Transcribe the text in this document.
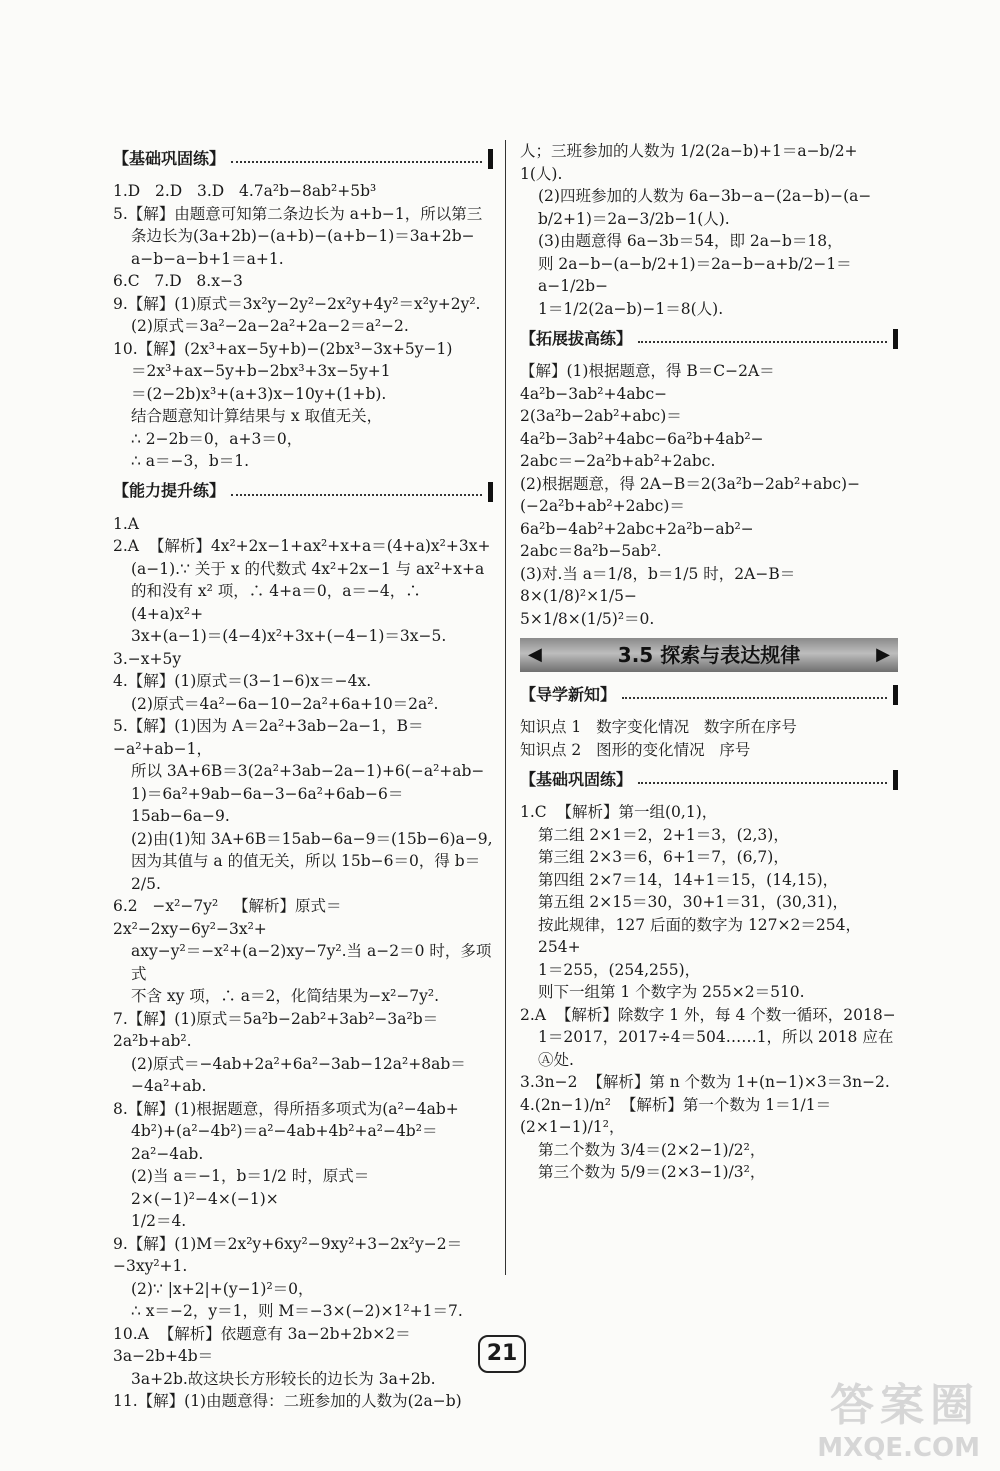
【基础巩固练】
1.D   2.D   3.D   4.7a²b−8ab²+5b³
5.【解】由题意可知第二条边长为 a+b−1，所以第三
条边长为(3a+2b)−(a+b)−(a+b−1)＝3a+2b−
a−b−a−b+1＝a+1.
6.C   7.D   8.x−3
9.【解】(1)原式＝3x²y−2y²−2x²y+4y²＝x²y+2y².
(2)原式＝3a²−2a−2a²+2a−2＝a²−2.
10.【解】(2x³+ax−5y+b)−(2bx³−3x+5y−1)
＝2x³+ax−5y+b−2bx³+3x−5y+1
＝(2−2b)x³+(a+3)x−10y+(1+b).
结合题意知计算结果与 x 取值无关，
∴ 2−2b＝0，a+3＝0，
∴ a＝−3，b＝1.
【能力提升练】
1.A
2.A  【解析】4x²+2x−1+ax²+x+a＝(4+a)x²+3x+
(a−1).∵ 关于 x 的代数式 4x²+2x−1 与 ax²+x+a
的和没有 x² 项，∴ 4+a＝0，a＝−4，∴ (4+a)x²+
3x+(a−1)＝(4−4)x²+3x+(−4−1)＝3x−5.
3.−x+5y
4.【解】(1)原式＝(3−1−6)x＝−4x.
(2)原式＝4a²−6a−10−2a²+6a+10＝2a².
5.【解】(1)因为 A＝2a²+3ab−2a−1，B＝−a²+ab−1，
所以 3A+6B＝3(2a²+3ab−2a−1)+6(−a²+ab−
1)＝6a²+9ab−6a−3−6a²+6ab−6＝15ab−6a−9.
(2)由(1)知 3A+6B＝15ab−6a−9＝(15b−6)a−9,
因为其值与 a 的值无关，所以 15b−6＝0，得 b＝2/5.
6.2   −x²−7y²   【解析】原式＝2x²−2xy−6y²−3x²+
axy−y²＝−x²+(a−2)xy−7y².当 a−2＝0 时，多项式
不含 xy 项，∴ a＝2，化简结果为−x²−7y².
7.【解】(1)原式＝5a²b−2ab²+3ab²−3a²b＝2a²b+ab².
(2)原式＝−4ab+2a²+6a²−3ab−12a²+8ab＝−4a²+ab.
8.【解】(1)根据题意，得所捂多项式为(a²−4ab+
4b²)+(a²−4b²)＝a²−4ab+4b²+a²−4b²＝2a²−4ab.
(2)当 a＝−1，b＝1/2 时，原式＝2×(−1)²−4×(−1)×
1/2＝4.
9.【解】(1)M＝2x²y+6xy²−9xy²+3−2x²y−2＝−3xy²+1.
(2)∵ |x+2|+(y−1)²＝0，
∴ x＝−2，y＝1，则 M＝−3×(−2)×1²+1＝7.
10.A  【解析】依题意有 3a−2b+2b×2＝3a−2b+4b＝
3a+2b.故这块长方形较长的边长为 3a+2b.
11.【解】(1)由题意得：二班参加的人数为(2a−b)
人；三班参加的人数为 1/2(2a−b)+1＝a−b/2+
1(人).
(2)四班参加的人数为 6a−3b−a−(2a−b)−(a−
b/2+1)＝2a−3/2b−1(人).
(3)由题意得 6a−3b＝54，即 2a−b＝18，
则 2a−b−(a−b/2+1)＝2a−b−a+b/2−1＝a−1/2b−
1＝1/2(2a−b)−1＝8(人).
【拓展拔高练】
【解】(1)根据题意，得 B＝C−2A＝4a²b−3ab²+4abc−
2(3a²b−2ab²+abc)＝4a²b−3ab²+4abc−6a²b+4ab²−
2abc＝−2a²b+ab²+2abc.
(2)根据题意，得 2A−B＝2(3a²b−2ab²+abc)−
(−2a²b+ab²+2abc)＝6a²b−4ab²+2abc+2a²b−ab²−
2abc＝8a²b−5ab².
(3)对.当 a＝1/8，b＝1/5 时，2A−B＝8×(1/8)²×1/5−
5×1/8×(1/5)²＝0.
◀	3.5 探索与表达规律	▶
【导学新知】
知识点 1   数字变化情况   数字所在序号
知识点 2   图形的变化情况   序号
【基础巩固练】
1.C  【解析】第一组(0,1)，
第二组 2×1＝2，2+1＝3，(2,3)，
第三组 2×3＝6，6+1＝7，(6,7)，
第四组 2×7＝14，14+1＝15，(14,15)，
第五组 2×15＝30，30+1＝31，(30,31)，
按此规律，127 后面的数字为 127×2＝254，254+
1＝255，(254,255)，
则下一组第 1 个数字为 255×2＝510.
2.A  【解析】除数字 1 外，每 4 个数一循环，2018−
1＝2017，2017÷4＝504……1，所以 2018 应在
Ⓐ处.
3.3n−2  【解析】第 n 个数为 1+(n−1)×3＝3n−2.
4.(2n−1)/n²  【解析】第一个数为 1＝1/1＝(2×1−1)/1²，
第二个数为 3/4＝(2×2−1)/2²，
第三个数为 5/9＝(2×3−1)/3²，
21
答案圈
MXQE.COM
